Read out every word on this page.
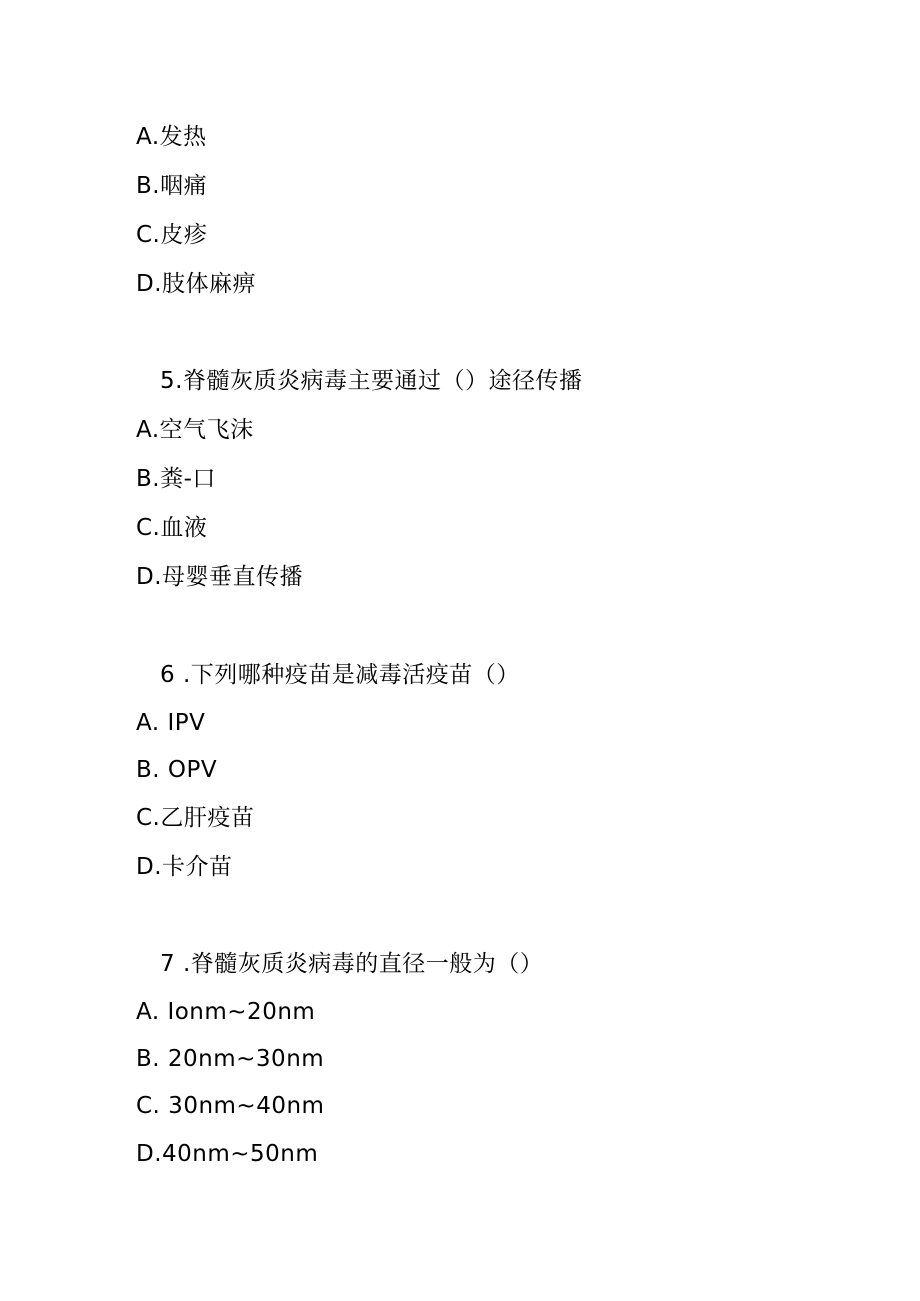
A.发热
B.咽痛
C.皮疹
D.肢体麻痹
5.脊髓灰质炎病毒主要通过（）途径传播
A.空气飞沫
B.粪-口
C.血液
D.母婴垂直传播
6 .下列哪种疫苗是减毒活疫苗（）
A. IPV
B. OPV
C.乙肝疫苗
D.卡介苗
7 .脊髓灰质炎病毒的直径一般为（）
A. Ionm~20nm
B. 20nm~30nm
C. 30nm~40nm
D.40nm~50nm
